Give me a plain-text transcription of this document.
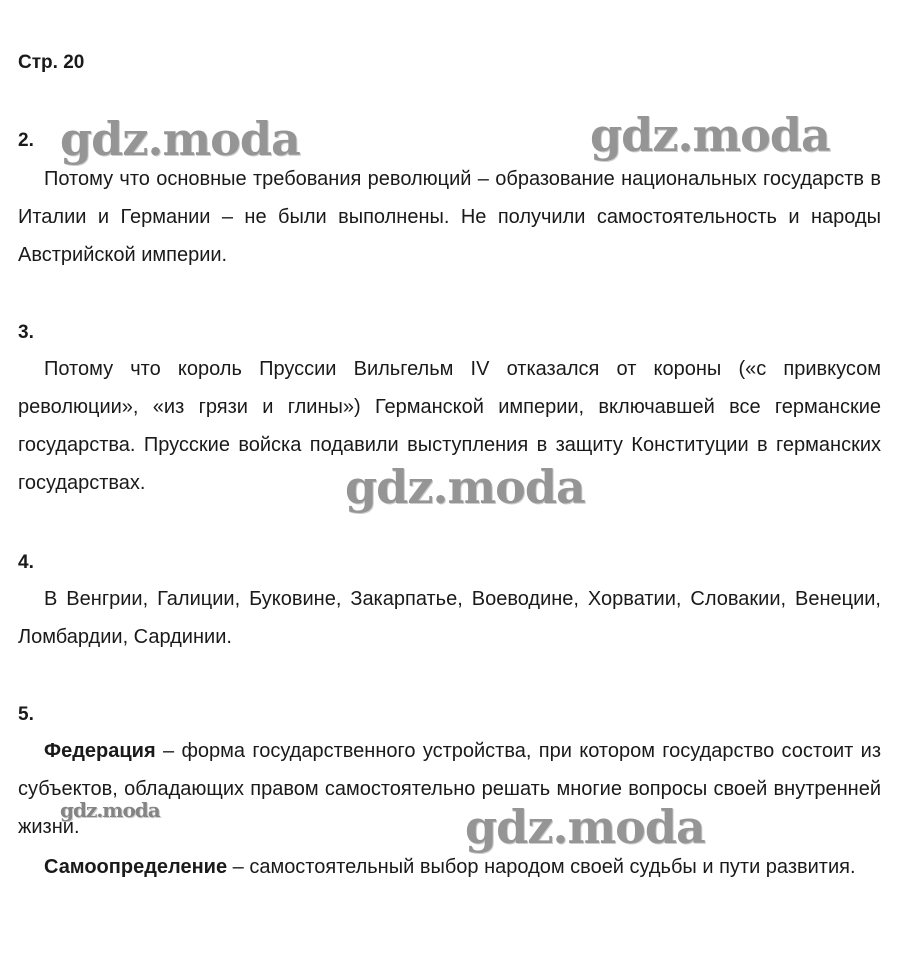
Стр. 20
2.

Потому что основные требования революций – образование национальных государств в Италии и Германии – не были выполнены. Не получили самостоятельность и народы Австрийской империи.

3.

Потому что король Пруссии Вильгельм IV отказался от короны («с привкусом революции», «из грязи и глины») Германской империи, включавшей все германские государства. Прусские войска подавили выступления в защиту Конституции в германских государствах.

4.

В Венгрии, Галиции, Буковине, Закарпатье, Воеводине, Хорватии, Словакии, Венеции, Ломбардии, Сардинии.

5.

Федерация – форма государственного устройства, при котором государство состоит из субъектов, обладающих правом самостоятельно решать многие вопросы своей внутренней жизни.

Самоопределение – самостоятельный выбор народом своей судьбы и пути развития.

gdz.moda	gdz.moda
gdz.moda
gdz.moda
gdz.moda
